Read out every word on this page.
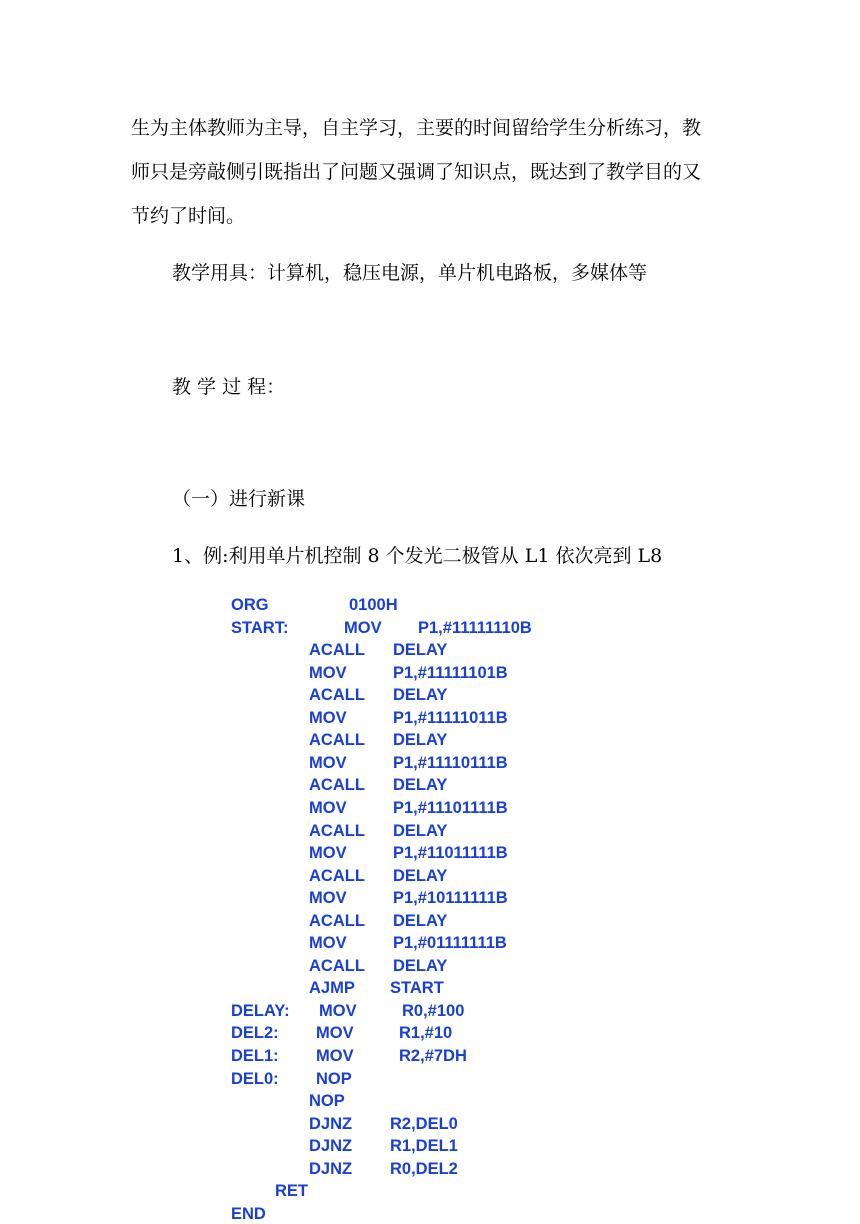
生为主体教师为主导，自主学习，主要的时间留给学生分析练习，教
师只是旁敲侧引既指出了问题又强调了知识点，既达到了教学目的又
节约了时间。
教学用具：计算机，稳压电源，单片机电路板，多媒体等
教 学 过 程：
（一）进行新课
1、例:利用单片机控制 8 个发光二极管从 L1 依次亮到 L8
ORG	0100H
START:	MOV P1,#11111110B
ACALL DELAY
MOV	P1,#11111101B
ACALL DELAY
MOV	P1,#11111011B
ACALL DELAY
MOV	P1,#11110111B
ACALL DELAY
MOV	P1,#11101111B
ACALL DELAY
MOV	P1,#11011111B
ACALL DELAY
MOV	P1,#10111111B
ACALL DELAY
MOV	P1,#01111111B
ACALL DELAY
AJMP START
DELAY: MOV	R0,#100
DEL2: MOV	R1,#10
DEL1: MOV	R2,#7DH
DEL0: NOP
NOP
DJNZ R2,DEL0
DJNZ R1,DEL1
DJNZ R0,DEL2
RET
END
